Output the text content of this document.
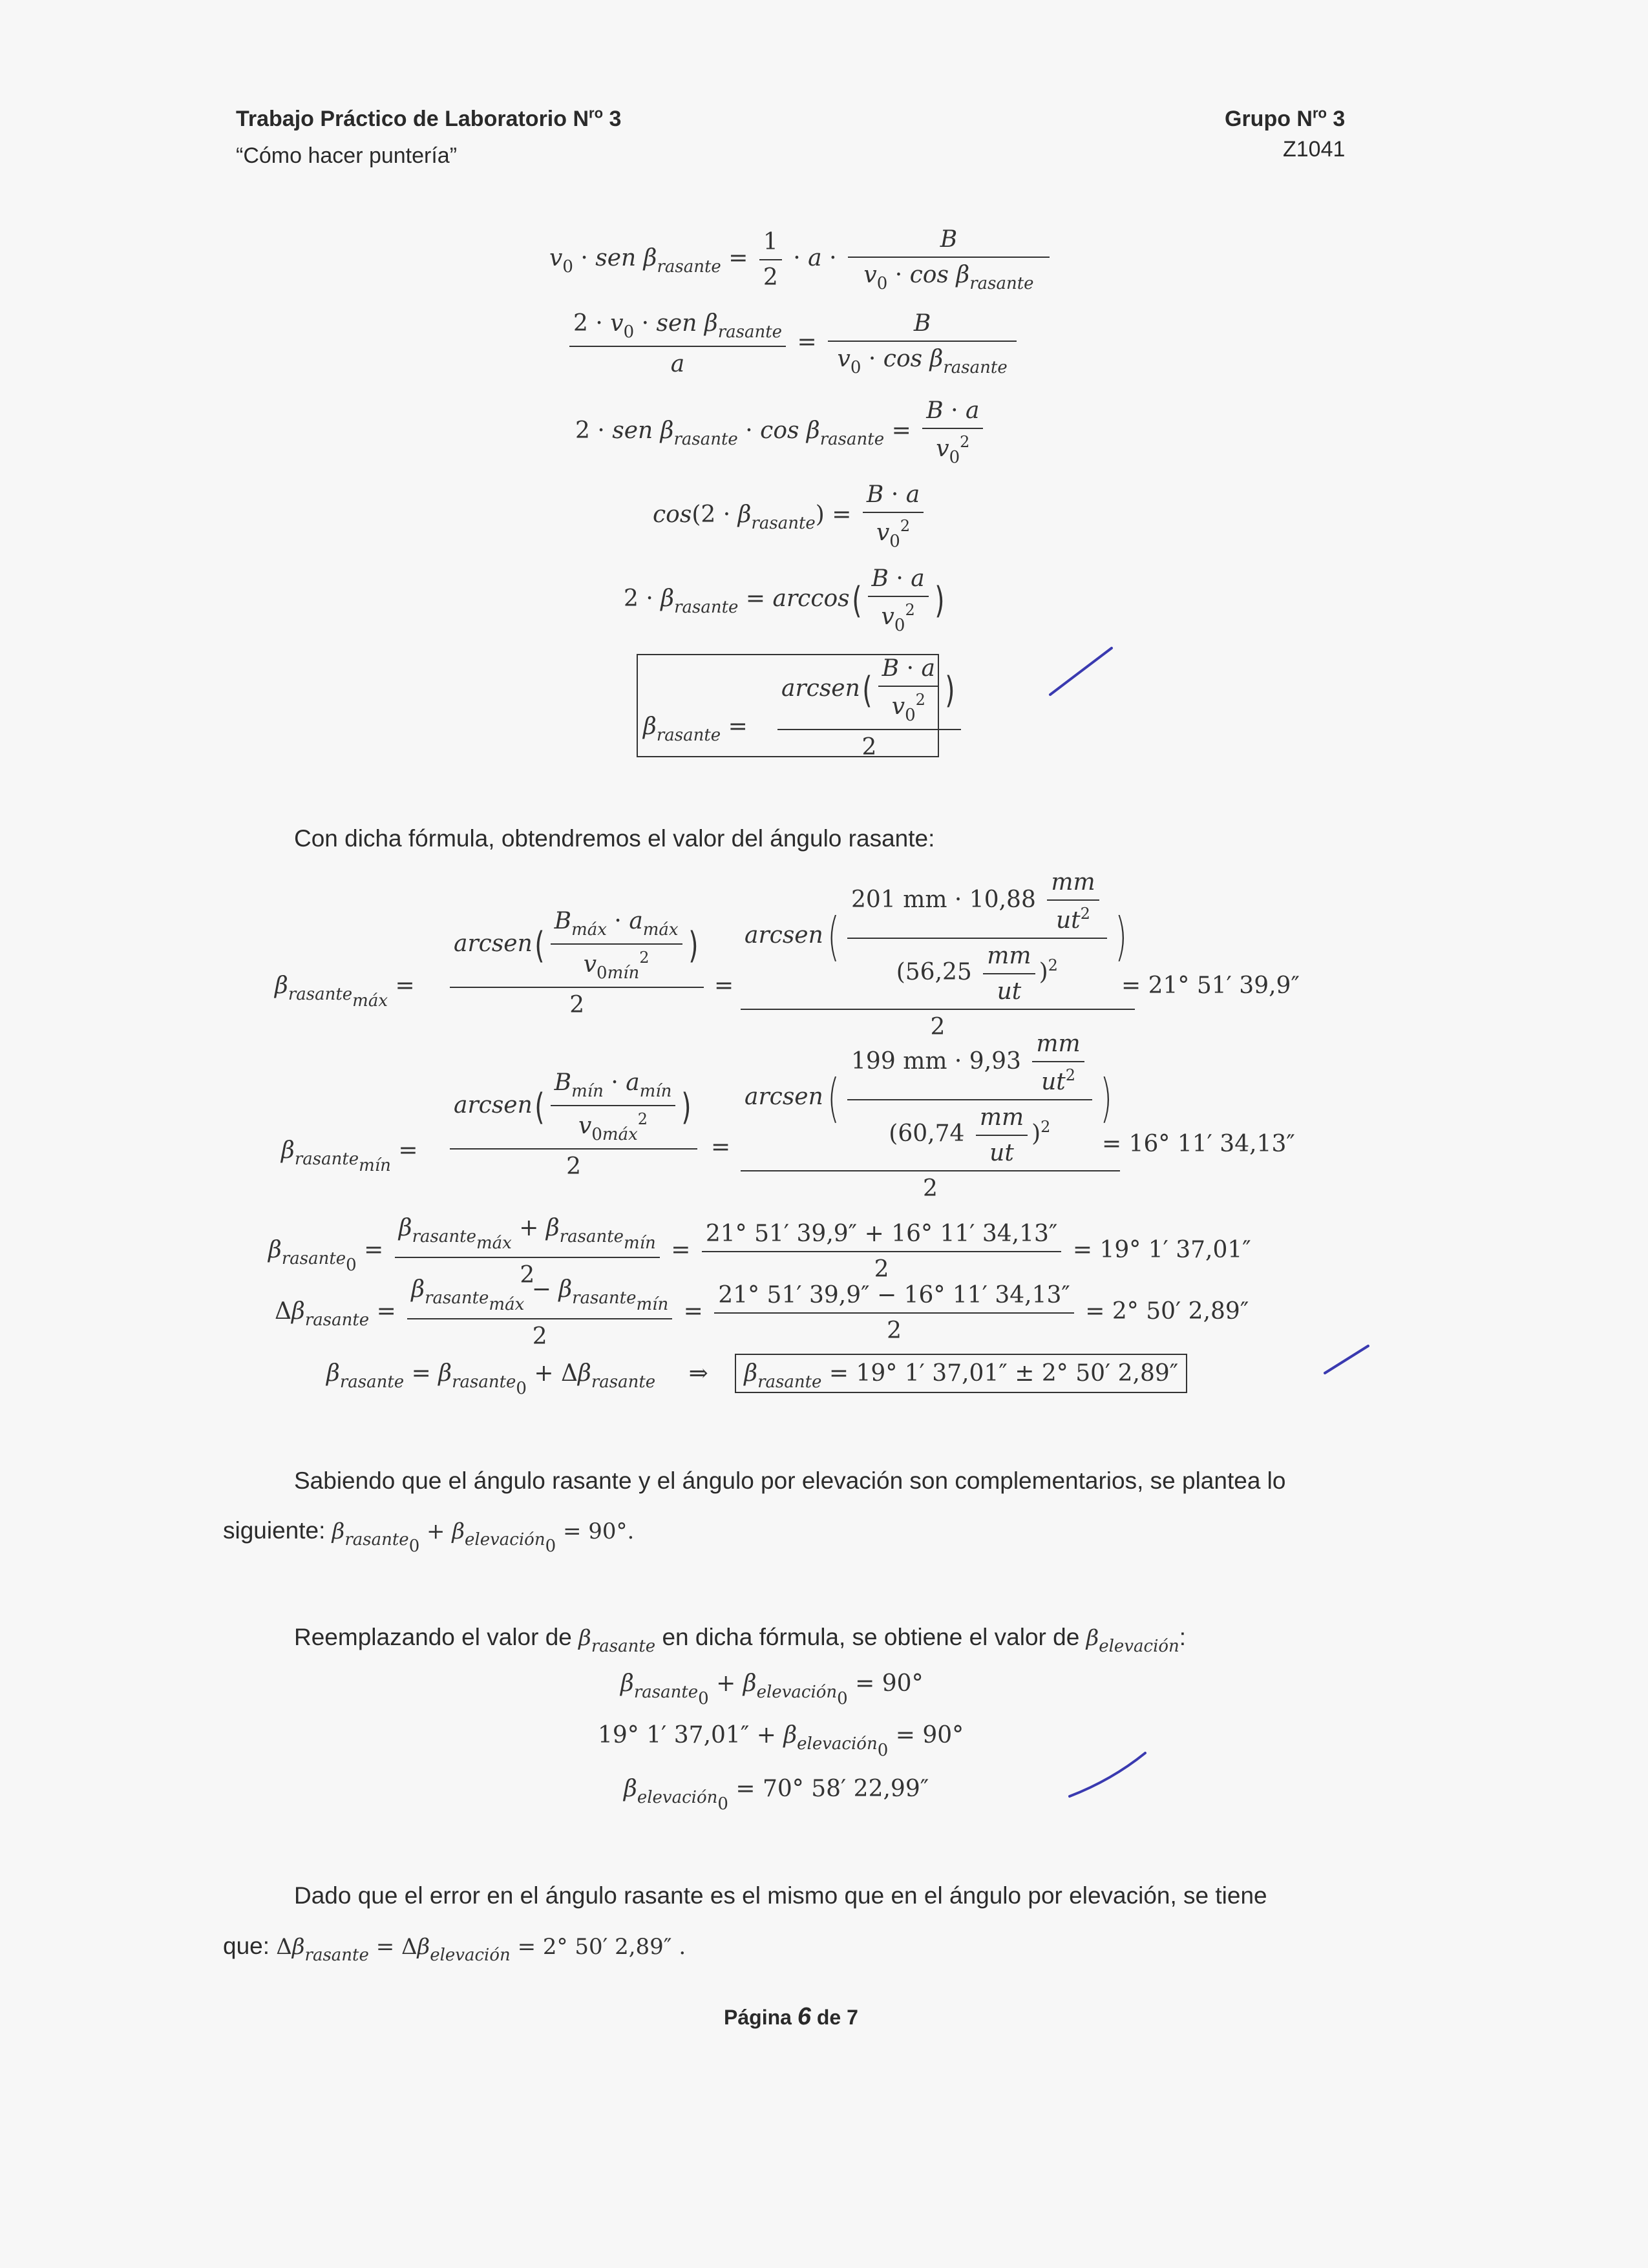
Trabajo Práctico de Laboratorio $N^{ro}$ 3
“Cómo hacer puntería”
Grupo $N^{ro}$ 3
Z1041
$v_0$ · sen $\beta_{rasante} = \frac{1}{2} \cdot a \cdot \frac{B}{v_0 \cdot \cos \beta_{rasante}}$
$\frac{2 \cdot v_0 \cdot sen \beta_{rasante}}{a} = \frac{B}{v_0 \cdot \cos \beta_{rasante}}$
2 · sen $\beta_{rasante} \cdot \cos \beta_{rasante} = \frac{B \cdot a}{v_0^2}$
$\cos(2 \cdot \beta_{rasante}) = \frac{B \cdot a}{v_0^2}$
$2 \cdot \beta_{rasante} = \arccos( \frac{B \cdot a}{v_0^2}$ )
$\beta_{rasante} = \frac{arcsen( \frac{B \cdot a}{v_0^2} )}{2}$
Con dicha fórmula, obtendremos el valor del ángulo rasante:
$\beta_{rasante_{máx}} = \frac{arcsen( \frac{B_{máx} \cdot a_{máx}}{v_{0mín}^2} )}{2} = \frac{arcsen( \frac{201 mm \cdot 10,88 \frac{mm}{ut^2}}{(56,25 \frac{mm}{ut} )^2} )}{2}$
= 21° 51′ 39,9″
$\beta_{rasante_{mín}} = \frac{arcsen( \frac{B_{mín} \cdot a_{mín}}{v_{0máx}^2} )}{2} = \frac{arcsen( \frac{199 mm \cdot 9,93 \frac{mm}{ut^2}}{(60,74 \frac{mm}{ut} )^2} )}{2}$
= 16° 11′ 34,13″
$\beta_{rasante_0} = \frac{\beta_{rasante_{máx}} + \beta_{rasante_{mín}}}{2} = \frac{21^\circ 51' 39,9'' + 16^\circ 11' 34,13''}{2} = 19^\circ$ 1′ 37,01″
$\Delta\beta_{rasante} = \frac{\beta_{rasante_{máx}} - \beta_{rasante_{mín}}}{2} = \frac{21^\circ 51' 39,9'' - 16^\circ 11' 34,13''}{2} = 2^\circ$ 50′ 2,89″
$\beta_{rasante} = \beta_{rasante_0} + \Delta\beta_{rasante}$ ⇒ $\beta_{rasante} = 19^\circ$ 1′ 37,01″ ± 2° 50′ 2,89″
Sabiendo que el ángulo rasante y el ángulo por elevación son complementarios, se plantea lo
siguiente: $\beta_{rasante_0} + \beta_{elevación_0} = 90^\circ$.
Reemplazando el valor de $\beta_{rasante}$ en dicha fórmula, se obtiene el valor de $\beta_{elevación}$:
$\beta_{rasante_0} + \beta_{elevación_0} = 90^\circ$
19° 1′ $37,01'' + \beta_{elevación_0} = 90^\circ$
$\beta_{elevación_0} = 70^\circ$ 58′ 22,99″
Dado que el error en el ángulo rasante es el mismo que en el ángulo por elevación, se tiene
que: $\Delta\beta_{rasante} = \Delta\beta_{elevación} = 2^\circ$ 50′ 2,89″ .
Página 6 de 7
